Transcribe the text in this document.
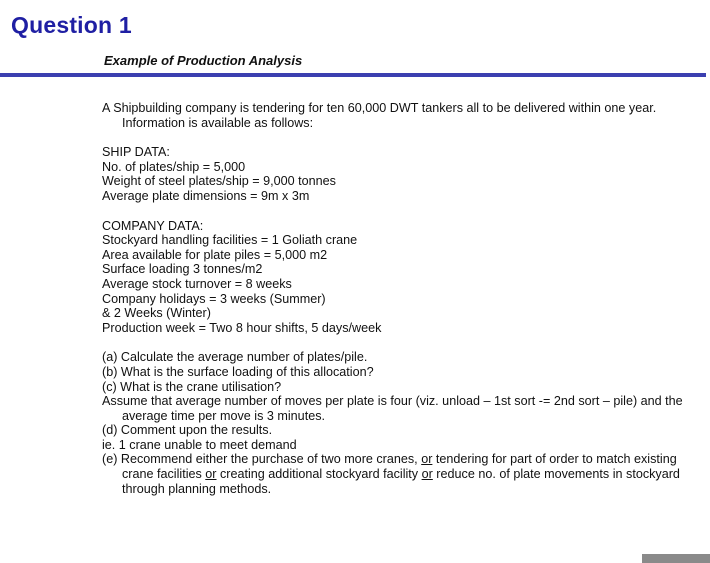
Question 1
Example of Production Analysis

A Shipbuilding company is tendering for ten 60,000 DWT tankers all to be delivered within one year. Information is available as follows:

SHIP DATA:

No. of plates/ship = 5,000

Weight of steel plates/ship = 9,000 tonnes

Average plate dimensions = 9m x 3m

COMPANY DATA:

Stockyard handling facilities = 1 Goliath crane

Area available for plate piles = 5,000 m2

Surface loading 3 tonnes/m2

Average stock turnover = 8 weeks

Company holidays = 3 weeks (Summer)

& 2 Weeks (Winter)

Production week = Two 8 hour shifts, 5 days/week

(a) Calculate the average number of plates/pile.

(b) What is the surface loading of this allocation?

(c) What is the crane utilisation?

Assume that average number of moves per plate is four (viz. unload – 1st sort -= 2nd sort – pile) and the average time per move is 3 minutes.

(d) Comment upon the results.

ie. 1 crane unable to meet demand

(e) Recommend either the purchase of two more cranes, or tendering for part of order to match existing crane facilities or creating additional stockyard facility or reduce no. of plate movements in stockyard through planning methods.
